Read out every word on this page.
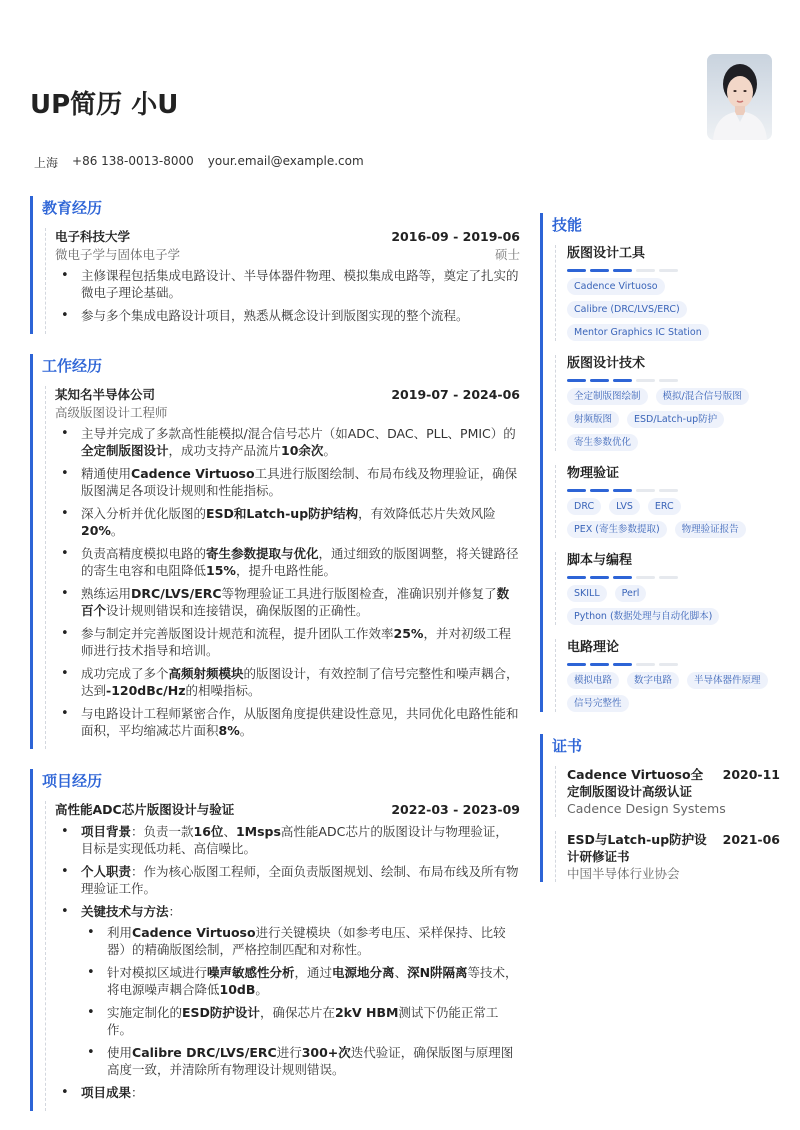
UP简历 小U
上海 +86 138-0013-8000 your.email@example.com
教育经历
电子科技大学	2016-09 - 2019-06
微电子学与固体电子学	硕士
• 主修课程包括集成电路设计、半导体器件物理、模拟集成电路等，奠定了扎实的微电子理论基础。
• 参与多个集成电路设计项目，熟悉从概念设计到版图实现的整个流程。
工作经历
某知名半导体公司	2019-07 - 2024-06
高级版图设计工程师
• 主导并完成了多款高性能模拟/混合信号芯片（如ADC、DAC、PLL、PMIC）的全定制版图设计，成功支持产品流片10余次。
• 精通使用Cadence Virtuoso工具进行版图绘制、布局布线及物理验证，确保版图满足各项设计规则和性能指标。
• 深入分析并优化版图的ESD和Latch-up防护结构，有效降低芯片失效风险20%。
• 负责高精度模拟电路的寄生参数提取与优化，通过细致的版图调整，将关键路径的寄生电容和电阻降低15%，提升电路性能。
• 熟练运用DRC/LVS/ERC等物理验证工具进行版图检查，准确识别并修复了数百个设计规则错误和连接错误，确保版图的正确性。
• 参与制定并完善版图设计规范和流程，提升团队工作效率25%，并对初级工程师进行技术指导和培训。
• 成功完成了多个高频射频模块的版图设计，有效控制了信号完整性和噪声耦合，达到-120dBc/Hz的相噪指标。
• 与电路设计工程师紧密合作，从版图角度提供建设性意见，共同优化电路性能和面积，平均缩减芯片面积8%。
项目经历
高性能ADC芯片版图设计与验证	2022-03 - 2023-09
• 项目背景：负责一款16位、1Msps高性能ADC芯片的版图设计与物理验证，目标是实现低功耗、高信噪比。
• 个人职责：作为核心版图工程师，全面负责版图规划、绘制、布局布线及所有物理验证工作。
• 关键技术与方法：
• 利用Cadence Virtuoso进行关键模块（如参考电压、采样保持、比较器）的精确版图绘制，严格控制匹配和对称性。
• 针对模拟区域进行噪声敏感性分析，通过电源地分离、深N阱隔离等技术，将电源噪声耦合降低10dB。
• 实施定制化的ESD防护设计，确保芯片在2kV HBM测试下仍能正常工作。
• 使用Calibre DRC/LVS/ERC进行300+次迭代验证，确保版图与原理图高度一致，并清除所有物理设计规则错误。
• 项目成果：
技能
版图设计工具
Cadence Virtuoso
Calibre (DRC/LVS/ERC)
Mentor Graphics IC Station
版图设计技术
全定制版图绘制	模拟/混合信号版图
射频版图	ESD/Latch-up防护
寄生参数优化
物理验证
DRC	LVS	ERC
PEX (寄生参数提取)	物理验证报告
脚本与编程
SKILL	Perl
Python (数据处理与自动化脚本)
电路理论
模拟电路	数字电路	半导体器件原理
信号完整性
证书
Cadence Virtuoso全定制版图设计高级认证
2020-11
Cadence Design Systems
ESD与Latch-up防护设计研修证书
2021-06
中国半导体行业协会
